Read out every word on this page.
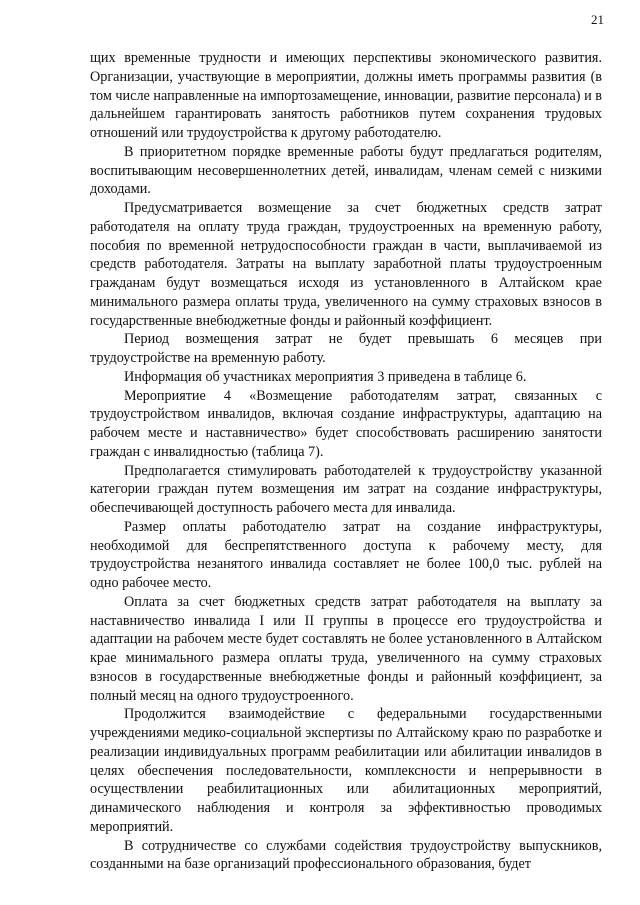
21

щих временные трудности и имеющих перспективы экономического развития. Организации, участвующие в мероприятии, должны иметь программы развития (в том числе направленные на импортозамещение, инновации, развитие персонала) и в дальнейшем гарантировать занятость работников путем сохранения трудовых отношений или трудоустройства к другому работодателю.

В приоритетном порядке временные работы будут предлагаться родителям, воспитывающим несовершеннолетних детей, инвалидам, членам семей с низкими доходами.

Предусматривается возмещение за счет бюджетных средств затрат работодателя на оплату труда граждан, трудоустроенных на временную работу, пособия по временной нетрудоспособности граждан в части, выплачиваемой из средств работодателя. Затраты на выплату заработной платы трудоустроенным гражданам будут возмещаться исходя из установленного в Алтайском крае минимального размера оплаты труда, увеличенного на сумму страховых взносов в государственные внебюджетные фонды и районный коэффициент.

Период возмещения затрат не будет превышать 6 месяцев при трудоустройстве на временную работу.

Информация об участниках мероприятия 3 приведена в таблице 6.

Мероприятие 4 «Возмещение работодателям затрат, связанных с трудоустройством инвалидов, включая создание инфраструктуры, адаптацию на рабочем месте и наставничество» будет способствовать расширению занятости граждан с инвалидностью (таблица 7).

Предполагается стимулировать работодателей к трудоустройству указанной категории граждан путем возмещения им затрат на создание инфраструктуры, обеспечивающей доступность рабочего места для инвалида.

Размер оплаты работодателю затрат на создание инфраструктуры, необходимой для беспрепятственного доступа к рабочему месту, для трудоустройства незанятого инвалида составляет не более 100,0 тыс. рублей на одно рабочее место.

Оплата за счет бюджетных средств затрат работодателя на выплату за наставничество инвалида I или II группы в процессе его трудоустройства и адаптации на рабочем месте будет составлять не более установленного в Алтайском крае минимального размера оплаты труда, увеличенного на сумму страховых взносов в государственные внебюджетные фонды и районный коэффициент, за полный месяц на одного трудоустроенного.

Продолжится взаимодействие с федеральными государственными учреждениями медико-социальной экспертизы по Алтайскому краю по разработке и реализации индивидуальных программ реабилитации или абилитации инвалидов в целях обеспечения последовательности, комплексности и непрерывности в осуществлении реабилитационных или абилитационных мероприятий, динамического наблюдения и контроля за эффективностью проводимых мероприятий.

В сотрудничестве со службами содействия трудоустройству выпускников, созданными на базе организаций профессионального образования, будет
